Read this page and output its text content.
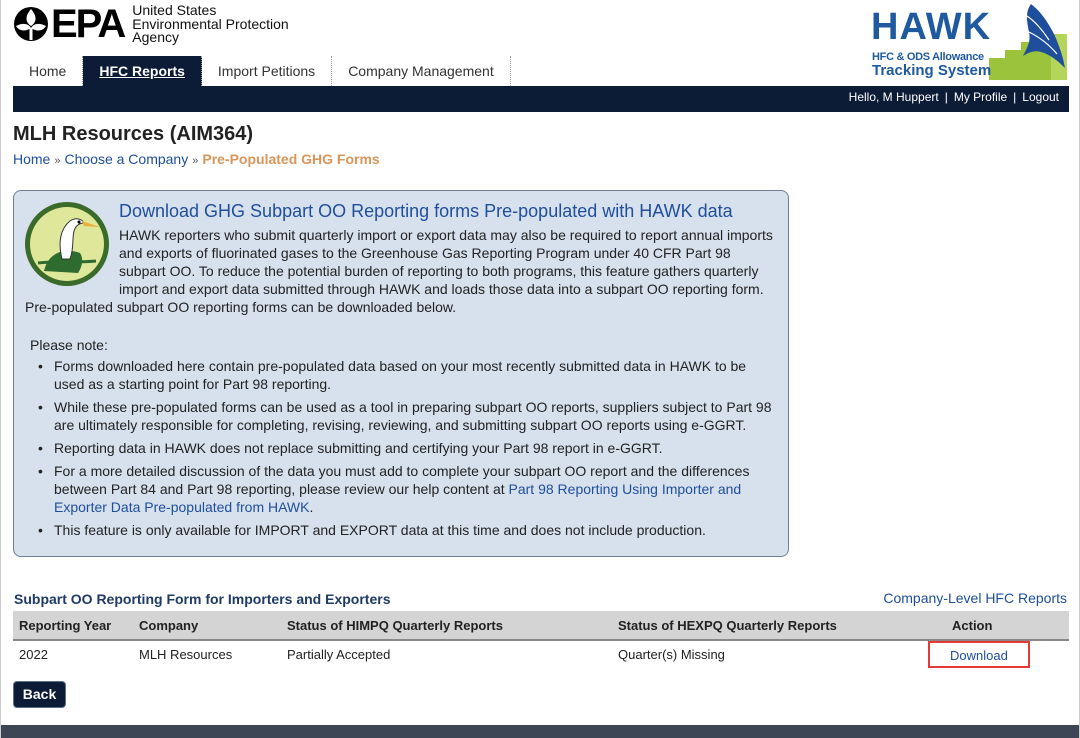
EPA United States
Environmental Protection
Agency	HAWK
HFC & ODS Allowance
Tracking System
Home	HFC Reports	Import Petitions	Company Management
Hello, M Huppert | My Profile | Logout
MLH Resources (AIM364)
Home » Choose a Company » Pre-Populated GHG Forms
Download GHG Subpart OO Reporting forms Pre-populated with HAWK data
HAWK reporters who submit quarterly import or export data may also be required to report annual imports
and exports of fluorinated gases to the Greenhouse Gas Reporting Program under 40 CFR Part 98
subpart OO. To reduce the potential burden of reporting to both programs, this feature gathers quarterly
import and export data submitted through HAWK and loads those data into a subpart OO reporting form.
Pre-populated subpart OO reporting forms can be downloaded below.
Please note:
• Forms downloaded here contain pre-populated data based on your most recently submitted data in HAWK to be used as a starting point for Part 98 reporting.
• While these pre-populated forms can be used as a tool in preparing subpart OO reports, suppliers subject to Part 98 are ultimately responsible for completing, revising, reviewing, and submitting subpart OO reports using e-GGRT.
• Reporting data in HAWK does not replace submitting and certifying your Part 98 report in e-GGRT.
• For a more detailed discussion of the data you must add to complete your subpart OO report and the differences between Part 84 and Part 98 reporting, please review our help content at Part 98 Reporting Using Importer and Exporter Data Pre-populated from HAWK.
• This feature is only available for IMPORT and EXPORT data at this time and does not include production.
Subpart OO Reporting Form for Importers and Exporters	Company-Level HFC Reports
Reporting Year	Company	Status of HIMPQ Quarterly Reports	Status of HEXPQ Quarterly Reports	Action
2022	MLH Resources	Partially Accepted	Quarter(s) Missing	Download
Back
